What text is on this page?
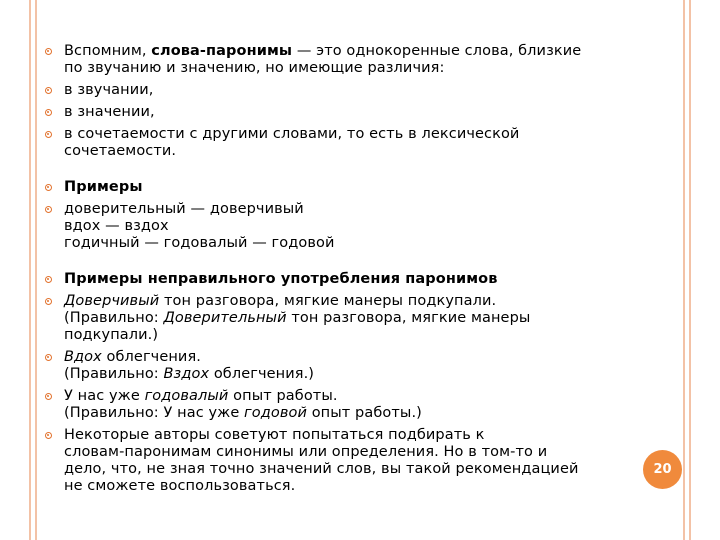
Вспомним, слова-паронимы — это однокоренные слова, близкие
по звучанию и значению, но имеющие различия:
в звучании,
в значении,
в сочетаемости с другими словами, то есть в лексической
сочетаемости.
Примеры
доверительный — доверчивый
вдох — вздох
годичный — годовалый — годовой
Примеры неправильного употребления паронимов
Доверчивый тон разговора, мягкие манеры подкупали.
(Правильно: Доверительный тон разговора, мягкие манеры
подкупали.)
Вдох облегчения.
(Правильно: Вздох облегчения.)
У нас уже годовалый опыт работы.
(Правильно: У нас уже годовой опыт работы.)
Некоторые авторы советуют попытаться подбирать к
словам-паронимам синонимы или определения. Но в том-то и
дело, что, не зная точно значений слов, вы такой рекомендацией
не сможете воспользоваться.
20
